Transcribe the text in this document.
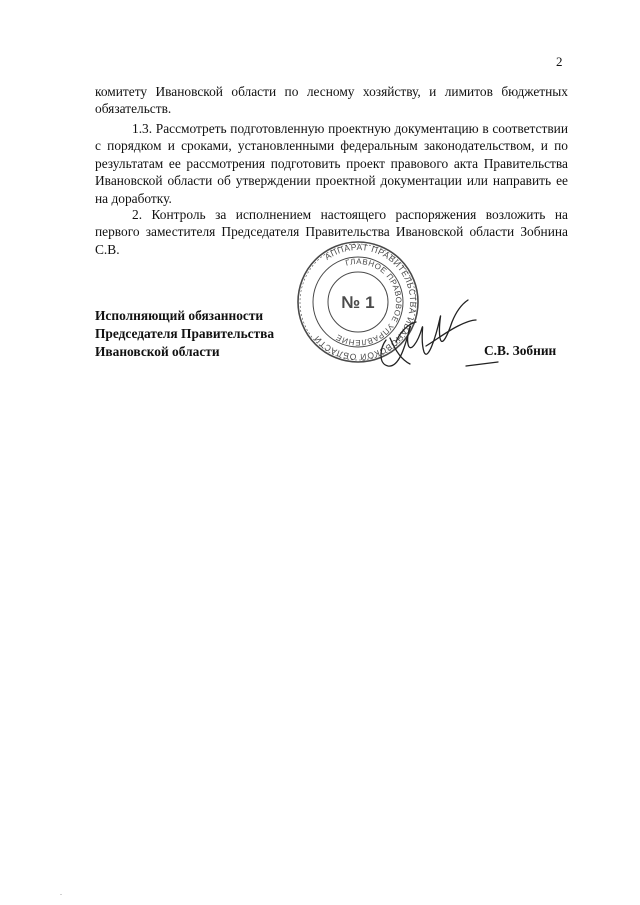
2

комитету Ивановской области по лесному хозяйству, и лимитов бюджетных обязательств.

1.3. Рассмотреть подготовленную проектную документацию в соответствии с порядком и сроками, установленными федеральным законодательством, и по результатам ее рассмотрения подготовить проект правового акта Правительства Ивановской области об утверждении проектной документации или направить ее на доработку.

2. Контроль за исполнением настоящего распоряжения возложить на первого заместителя Председателя Правительства Ивановской области Зобнина С.В.	АППАРАТ ПРАВИТЕЛЬСТВА ИВАНОВСКОЙ ОБЛАСТИ
ГЛАВНОЕ ПРАВОВОЕ УПРАВЛЕНИЕ
№ 1
Исполняющий обязанности
Председателя Правительства
Ивановской области	С.В. Зобнин
.
